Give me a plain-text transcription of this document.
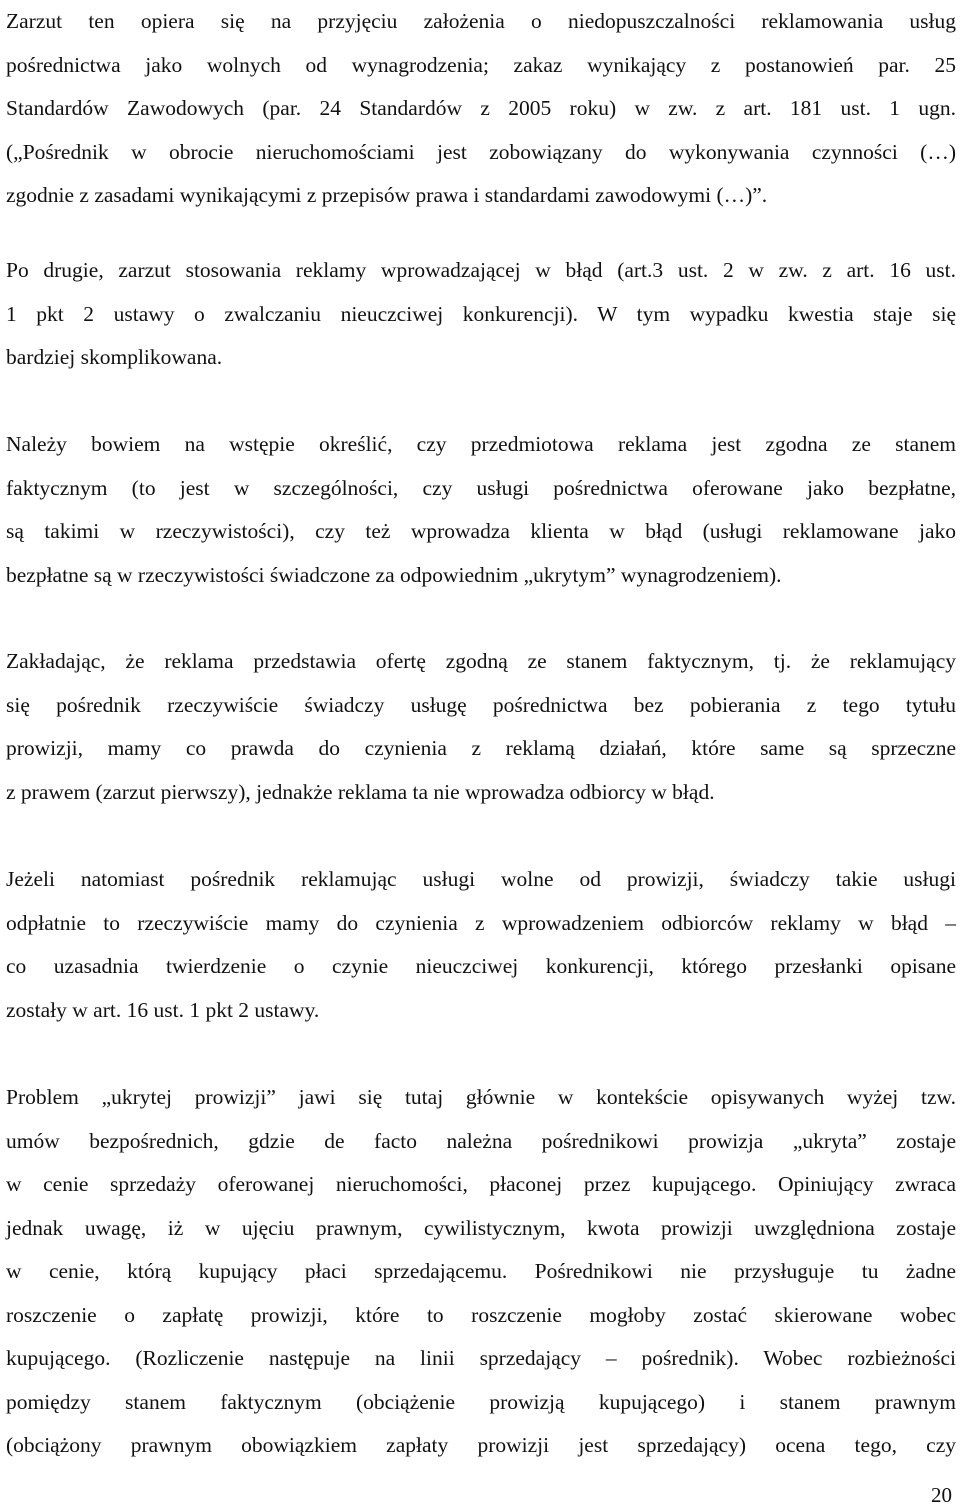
Zarzut ten opiera się na przyjęciu założenia o niedopuszczalności reklamowania usług
pośrednictwa jako wolnych od wynagrodzenia; zakaz wynikający z postanowień par. 25
Standardów Zawodowych (par. 24 Standardów z 2005 roku) w zw. z art. 181 ust. 1 ugn.
(„Pośrednik w obrocie nieruchomościami jest zobowiązany do wykonywania czynności (…)
zgodnie z zasadami wynikającymi z przepisów prawa i standardami zawodowymi (…)”.

Po drugie, zarzut stosowania reklamy wprowadzającej w błąd (art.3 ust. 2 w zw. z art. 16 ust.
1 pkt 2 ustawy o zwalczaniu nieuczciwej konkurencji). W tym wypadku kwestia staje się
bardziej skomplikowana.

Należy bowiem na wstępie określić, czy przedmiotowa reklama jest zgodna ze stanem
faktycznym (to jest w szczególności, czy usługi pośrednictwa oferowane jako bezpłatne,
są takimi w rzeczywistości), czy też wprowadza klienta w błąd (usługi reklamowane jako
bezpłatne są w rzeczywistości świadczone za odpowiednim „ukrytym” wynagrodzeniem).

Zakładając, że reklama przedstawia ofertę zgodną ze stanem faktycznym, tj. że reklamujący
się pośrednik rzeczywiście świadczy usługę pośrednictwa bez pobierania z tego tytułu
prowizji, mamy co prawda do czynienia z reklamą działań, które same są sprzeczne
z prawem (zarzut pierwszy), jednakże reklama ta nie wprowadza odbiorcy w błąd.

Jeżeli natomiast pośrednik reklamując usługi wolne od prowizji, świadczy takie usługi
odpłatnie to rzeczywiście mamy do czynienia z wprowadzeniem odbiorców reklamy w błąd –
co uzasadnia twierdzenie o czynie nieuczciwej konkurencji, którego przesłanki opisane
zostały w art. 16 ust. 1 pkt 2 ustawy.

Problem „ukrytej prowizji” jawi się tutaj głównie w kontekście opisywanych wyżej tzw.
umów bezpośrednich, gdzie de facto należna pośrednikowi prowizja „ukryta” zostaje
w cenie sprzedaży oferowanej nieruchomości, płaconej przez kupującego. Opiniujący zwraca
jednak uwagę, iż w ujęciu prawnym, cywilistycznym, kwota prowizji uwzględniona zostaje
w cenie, którą kupujący płaci sprzedającemu. Pośrednikowi nie przysługuje tu żadne
roszczenie o zapłatę prowizji, które to roszczenie mogłoby zostać skierowane wobec
kupującego. (Rozliczenie następuje na linii sprzedający – pośrednik). Wobec rozbieżności
pomiędzy stanem faktycznym (obciążenie prowizją kupującego) i stanem prawnym
(obciążony prawnym obowiązkiem zapłaty prowizji jest sprzedający) ocena tego, czy

20
